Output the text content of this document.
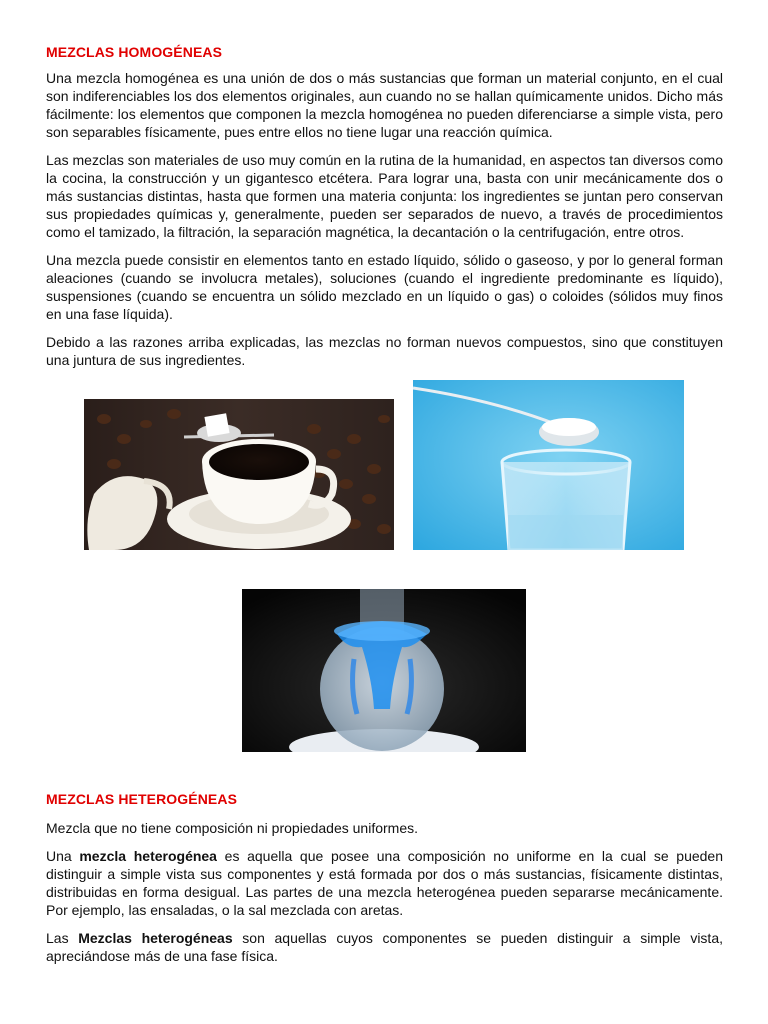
MEZCLAS HOMOGÉNEAS

Una mezcla homogénea es una unión de dos o más sustancias que forman un material conjunto, en el cual son indiferenciables los dos elementos originales, aun cuando no se hallan químicamente unidos. Dicho más fácilmente: los elementos que componen la mezcla homogénea no pueden diferenciarse a simple vista, pero son separables físicamente, pues entre ellos no tiene lugar una reacción química.

Las mezclas son materiales de uso muy común en la rutina de la humanidad, en aspectos tan diversos como la cocina, la construcción y un gigantesco etcétera. Para lograr una, basta con unir mecánicamente dos o más sustancias distintas, hasta que formen una materia conjunta: los ingredientes se juntan pero conservan sus propiedades químicas y, generalmente, pueden ser separados de nuevo, a través de procedimientos como el tamizado, la filtración, la separación magnética, la decantación o la centrifugación, entre otros.

Una mezcla puede consistir en elementos tanto en estado líquido, sólido o gaseoso, y por lo general forman aleaciones (cuando se involucra metales), soluciones (cuando el ingrediente predominante es líquido), suspensiones (cuando se encuentra un sólido mezclado en un líquido o gas) o coloides (sólidos muy finos en una fase líquida).

Debido a las razones arriba explicadas, las mezclas no forman nuevos compuestos, sino que constituyen una juntura de sus ingredientes.

MEZCLAS HETEROGÉNEAS

Mezcla que no tiene composición ni propiedades uniformes.

Una mezcla heterogénea es aquella que posee una composición no uniforme en la cual se pueden distinguir a simple vista sus componentes y está formada por dos o más sustancias, físicamente distintas, distribuidas en forma desigual. Las partes de una mezcla heterogénea pueden separarse mecánicamente. Por ejemplo, las ensaladas, o la sal mezclada con aretas.

Las Mezclas heterogéneas son aquellas cuyos componentes se pueden distinguir a simple vista, apreciándose más de una fase física.
